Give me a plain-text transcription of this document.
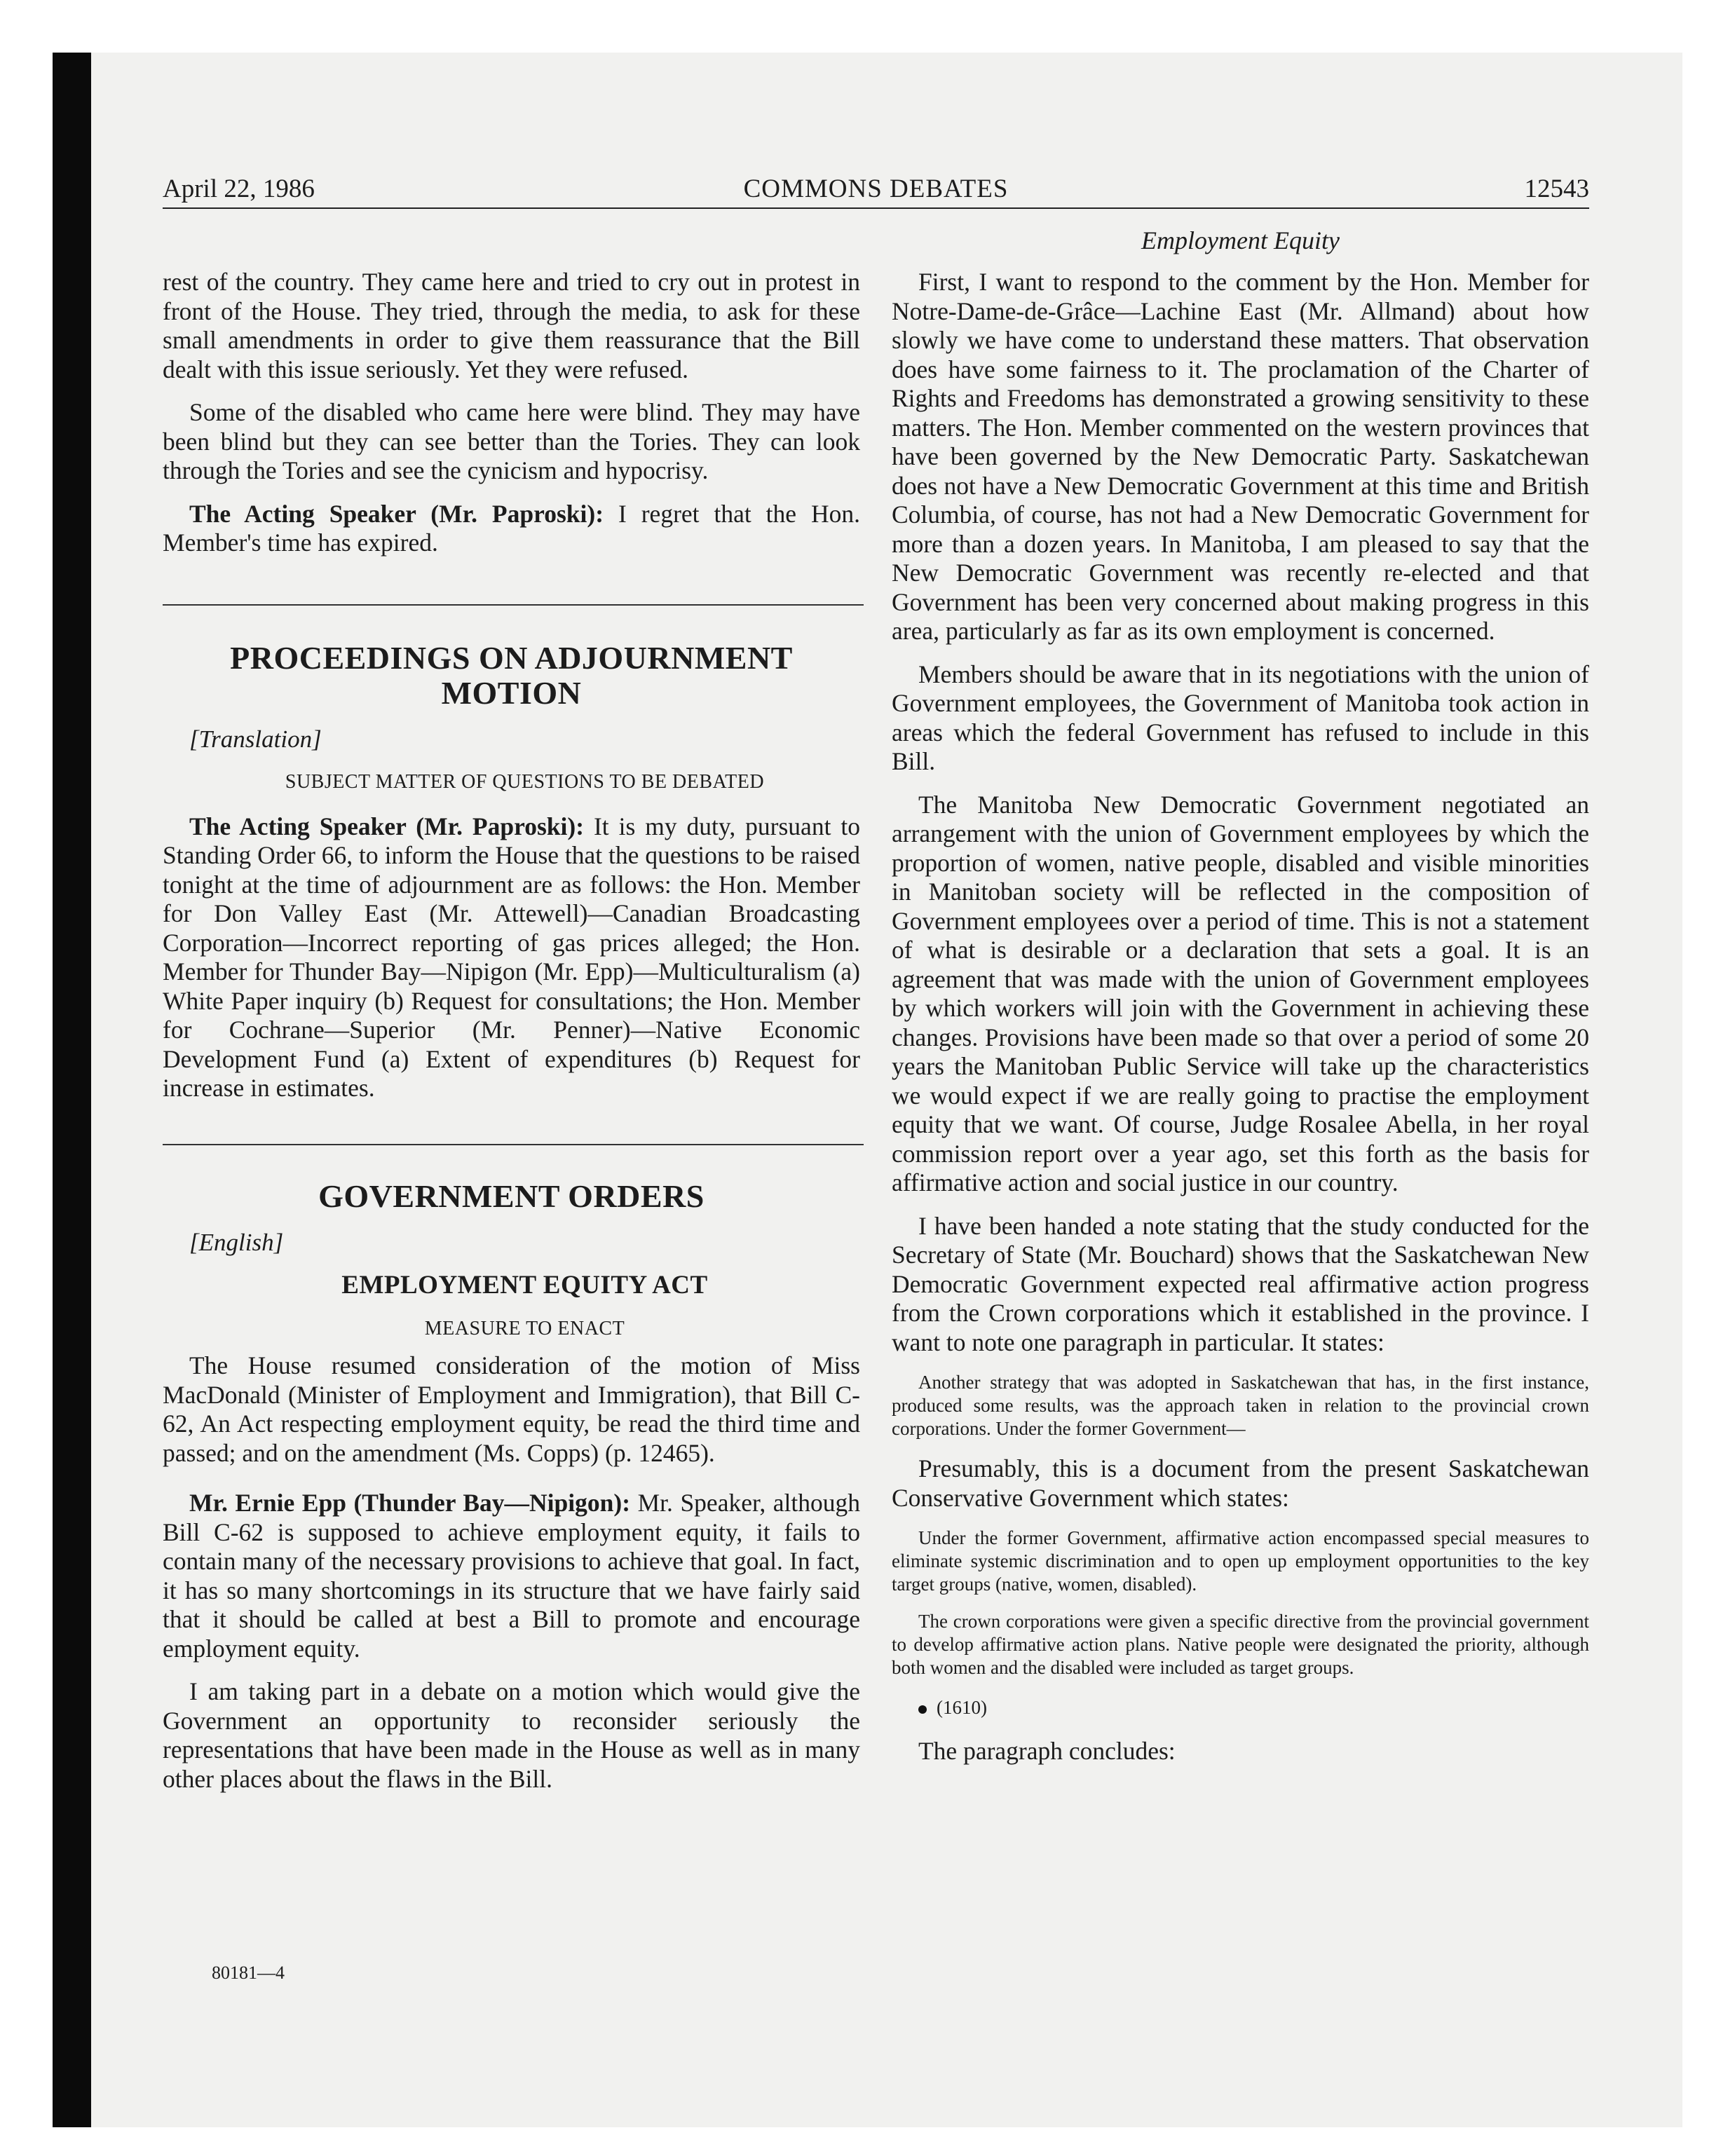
April 22, 1986	COMMONS DEBATES	12543
Employment Equity

rest of the country. They came here and tried to cry out in protest in front of the House. They tried, through the media, to ask for these small amendments in order to give them reassurance that the Bill dealt with this issue seriously. Yet they were refused.

Some of the disabled who came here were blind. They may have been blind but they can see better than the Tories. They can look through the Tories and see the cynicism and hypocrisy.

The Acting Speaker (Mr. Paproski): I regret that the Hon. Member's time has expired.

PROCEEDINGS ON ADJOURNMENT MOTION

[Translation]

SUBJECT MATTER OF QUESTIONS TO BE DEBATED

The Acting Speaker (Mr. Paproski): It is my duty, pursuant to Standing Order 66, to inform the House that the questions to be raised tonight at the time of adjournment are as follows: the Hon. Member for Don Valley East (Mr. Attewell)—Canadian Broadcasting Corporation—Incorrect reporting of gas prices alleged; the Hon. Member for Thunder Bay—Nipigon (Mr. Epp)—Multiculturalism (a) White Paper inquiry (b) Request for consultations; the Hon. Member for Cochrane—Superior (Mr. Penner)—Native Economic Development Fund (a) Extent of expenditures (b) Request for increase in estimates.

GOVERNMENT ORDERS

[English]

EMPLOYMENT EQUITY ACT

MEASURE TO ENACT

The House resumed consideration of the motion of Miss MacDonald (Minister of Employment and Immigration), that Bill C-62, An Act respecting employment equity, be read the third time and passed; and on the amendment (Ms. Copps) (p. 12465).

Mr. Ernie Epp (Thunder Bay—Nipigon): Mr. Speaker, although Bill C-62 is supposed to achieve employment equity, it fails to contain many of the necessary provisions to achieve that goal. In fact, it has so many shortcomings in its structure that we have fairly said that it should be called at best a Bill to promote and encourage employment equity.

I am taking part in a debate on a motion which would give the Government an opportunity to reconsider seriously the representations that have been made in the House as well as in many other places about the flaws in the Bill.

First, I want to respond to the comment by the Hon. Member for Notre-Dame-de-Grâce—Lachine East (Mr. Allmand) about how slowly we have come to understand these matters. That observation does have some fairness to it. The proclamation of the Charter of Rights and Freedoms has demonstrated a growing sensitivity to these matters. The Hon. Member commented on the western provinces that have been governed by the New Democratic Party. Saskatchewan does not have a New Democratic Government at this time and British Columbia, of course, has not had a New Democratic Government for more than a dozen years. In Manitoba, I am pleased to say that the New Democratic Government was recently re-elected and that Government has been very concerned about making progress in this area, particularly as far as its own employment is concerned.

Members should be aware that in its negotiations with the union of Government employees, the Government of Manitoba took action in areas which the federal Government has refused to include in this Bill.

The Manitoba New Democratic Government negotiated an arrangement with the union of Government employees by which the proportion of women, native people, disabled and visible minorities in Manitoban society will be reflected in the composition of Government employees over a period of time. This is not a statement of what is desirable or a declaration that sets a goal. It is an agreement that was made with the union of Government employees by which workers will join with the Government in achieving these changes. Provisions have been made so that over a period of some 20 years the Manitoban Public Service will take up the characteristics we would expect if we are really going to practise the employment equity that we want. Of course, Judge Rosalee Abella, in her royal commission report over a year ago, set this forth as the basis for affirmative action and social justice in our country.

I have been handed a note stating that the study conducted for the Secretary of State (Mr. Bouchard) shows that the Saskatchewan New Democratic Government expected real affirmative action progress from the Crown corporations which it established in the province. I want to note one paragraph in particular. It states:

Another strategy that was adopted in Saskatchewan that has, in the first instance, produced some results, was the approach taken in relation to the provincial crown corporations. Under the former Government—

Presumably, this is a document from the present Saskatchewan Conservative Government which states:

Under the former Government, affirmative action encompassed special measures to eliminate systemic discrimination and to open up employment opportunities to the key target groups (native, women, disabled).

The crown corporations were given a specific directive from the provincial government to develop affirmative action plans. Native people were designated the priority, although both women and the disabled were included as target groups.

(1610)

The paragraph concludes:

80181—4
